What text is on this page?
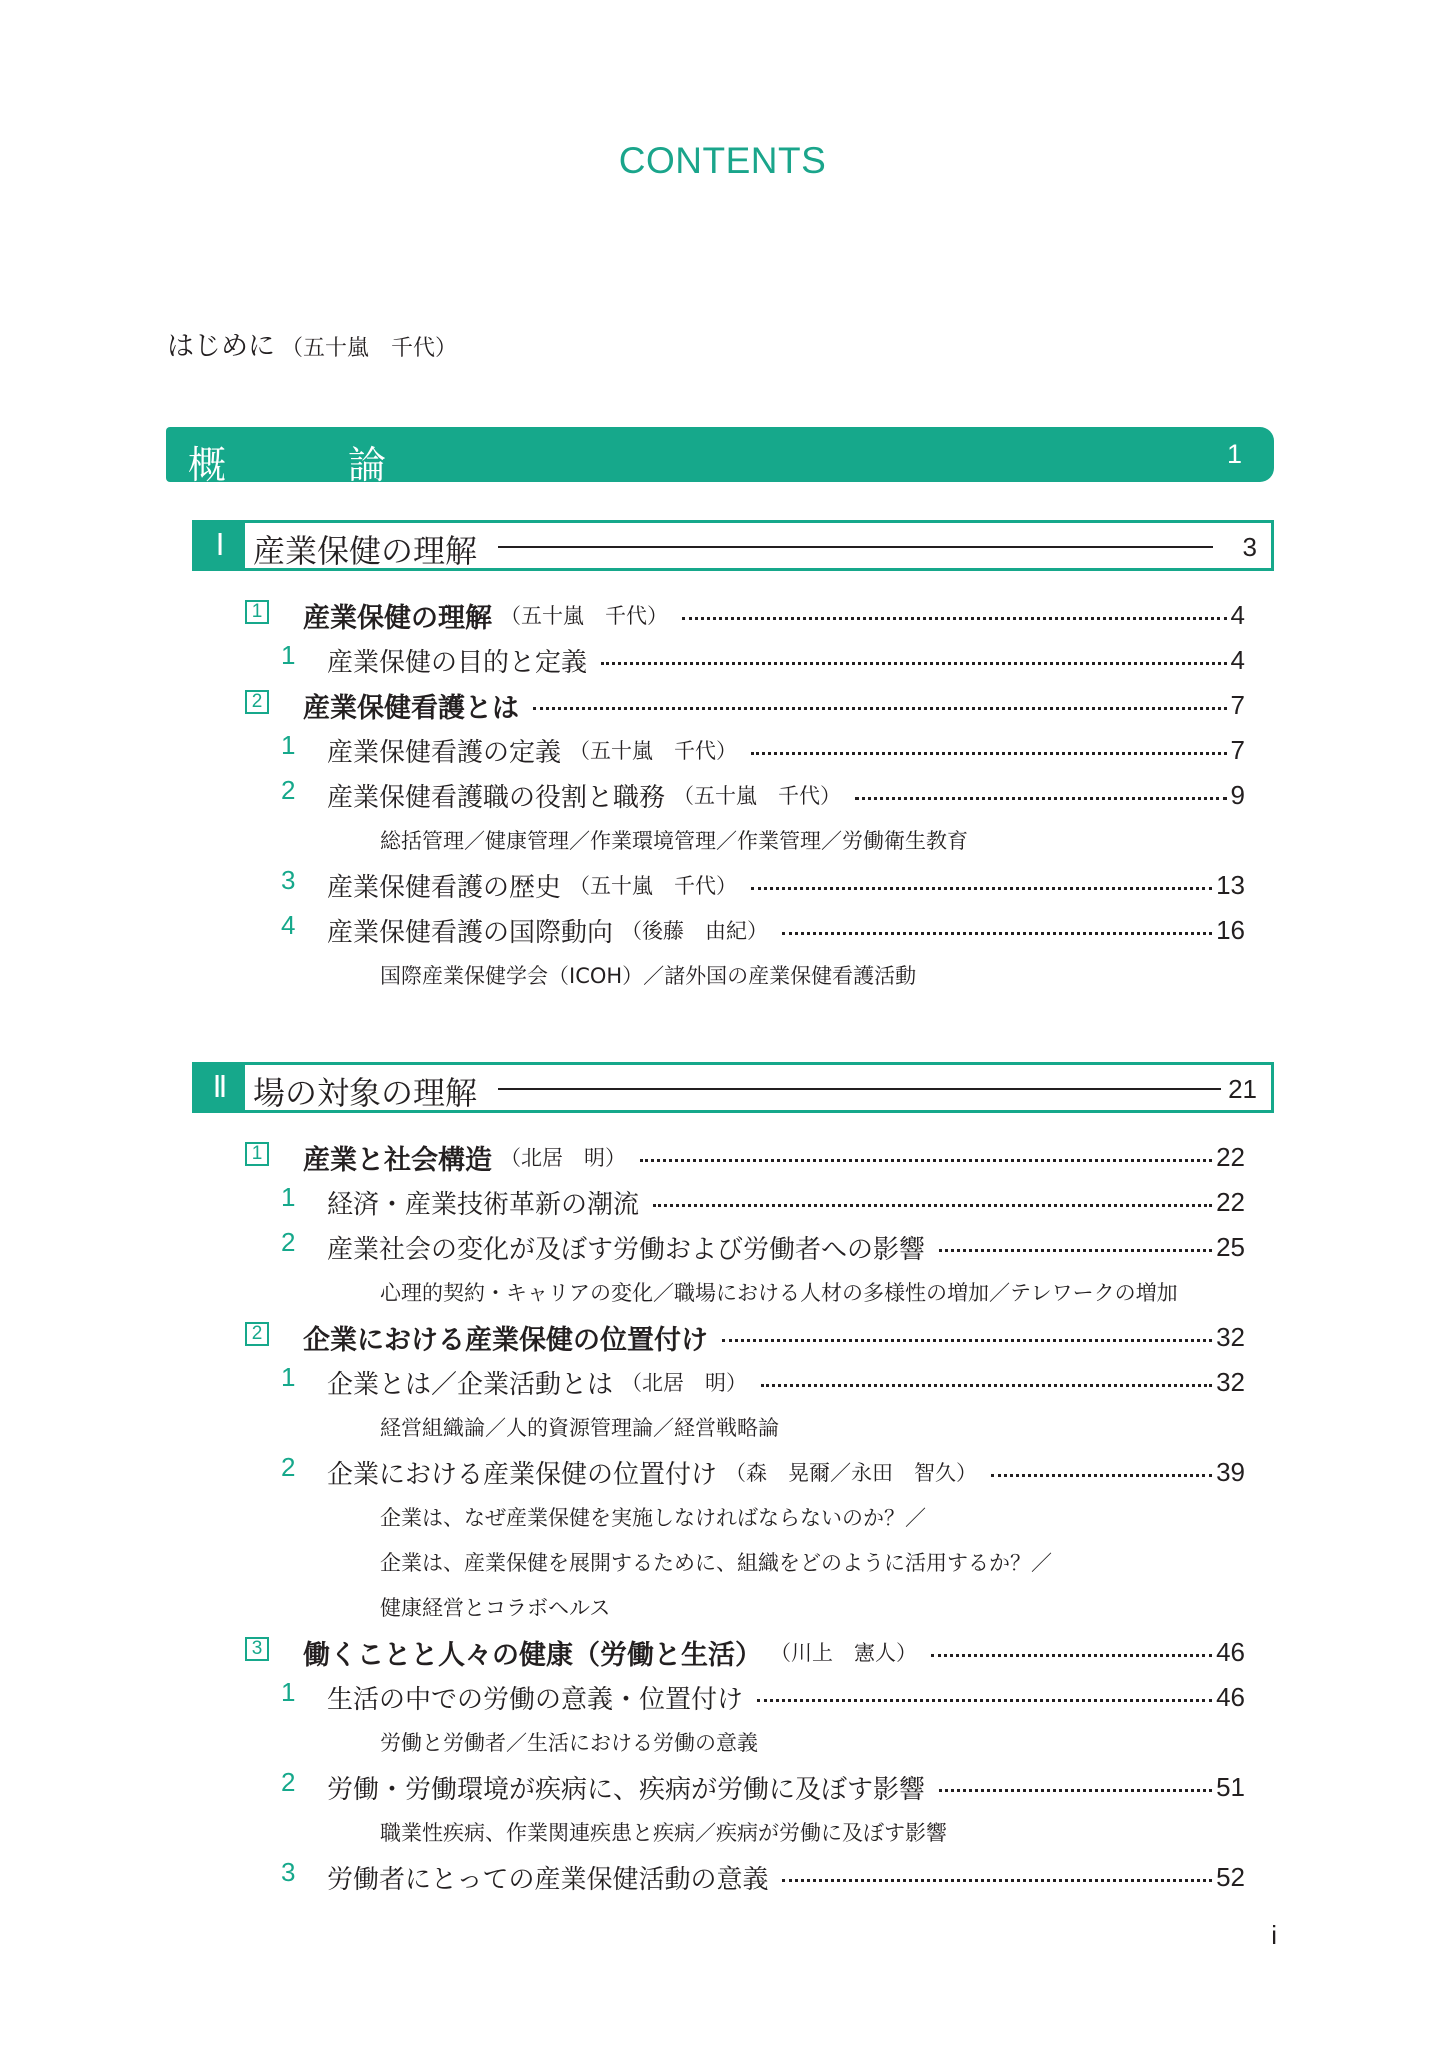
CONTENTS
はじめに （五十嵐　千代）
概	論	1
Ⅰ 産業保健の理解	3
1 産業保健の理解 （五十嵐　千代）	4
1 産業保健の目的と定義	4
2 産業保健看護とは	7
1 産業保健看護の定義 （五十嵐　千代）	7
2 産業保健看護職の役割と職務 （五十嵐　千代）	9
総括管理／健康管理／作業環境管理／作業管理／労働衛生教育
3 産業保健看護の歴史 （五十嵐　千代）	13
4 産業保健看護の国際動向 （後藤　由紀）	16
国際産業保健学会（ICOH）／諸外国の産業保健看護活動
Ⅱ 場の対象の理解	21
1 産業と社会構造 （北居　明）	22
1 経済・産業技術革新の潮流	22
2 産業社会の変化が及ぼす労働および労働者への影響	25
心理的契約・キャリアの変化／職場における人材の多様性の増加／テレワークの増加
2 企業における産業保健の位置付け	32
1 企業とは／企業活動とは （北居　明）	32
経営組織論／人的資源管理論／経営戦略論
2 企業における産業保健の位置付け （森　晃爾／永田　智久）	39
企業は、なぜ産業保健を実施しなければならないのか？／
企業は、産業保健を展開するために、組織をどのように活用するか？／
健康経営とコラボヘルス
3 働くことと人々の健康（労働と生活） （川上　憲人）	46
1 生活の中での労働の意義・位置付け	46
労働と労働者／生活における労働の意義
2 労働・労働環境が疾病に、疾病が労働に及ぼす影響	51
職業性疾病、作業関連疾患と疾病／疾病が労働に及ぼす影響
3 労働者にとっての産業保健活動の意義	52
i
